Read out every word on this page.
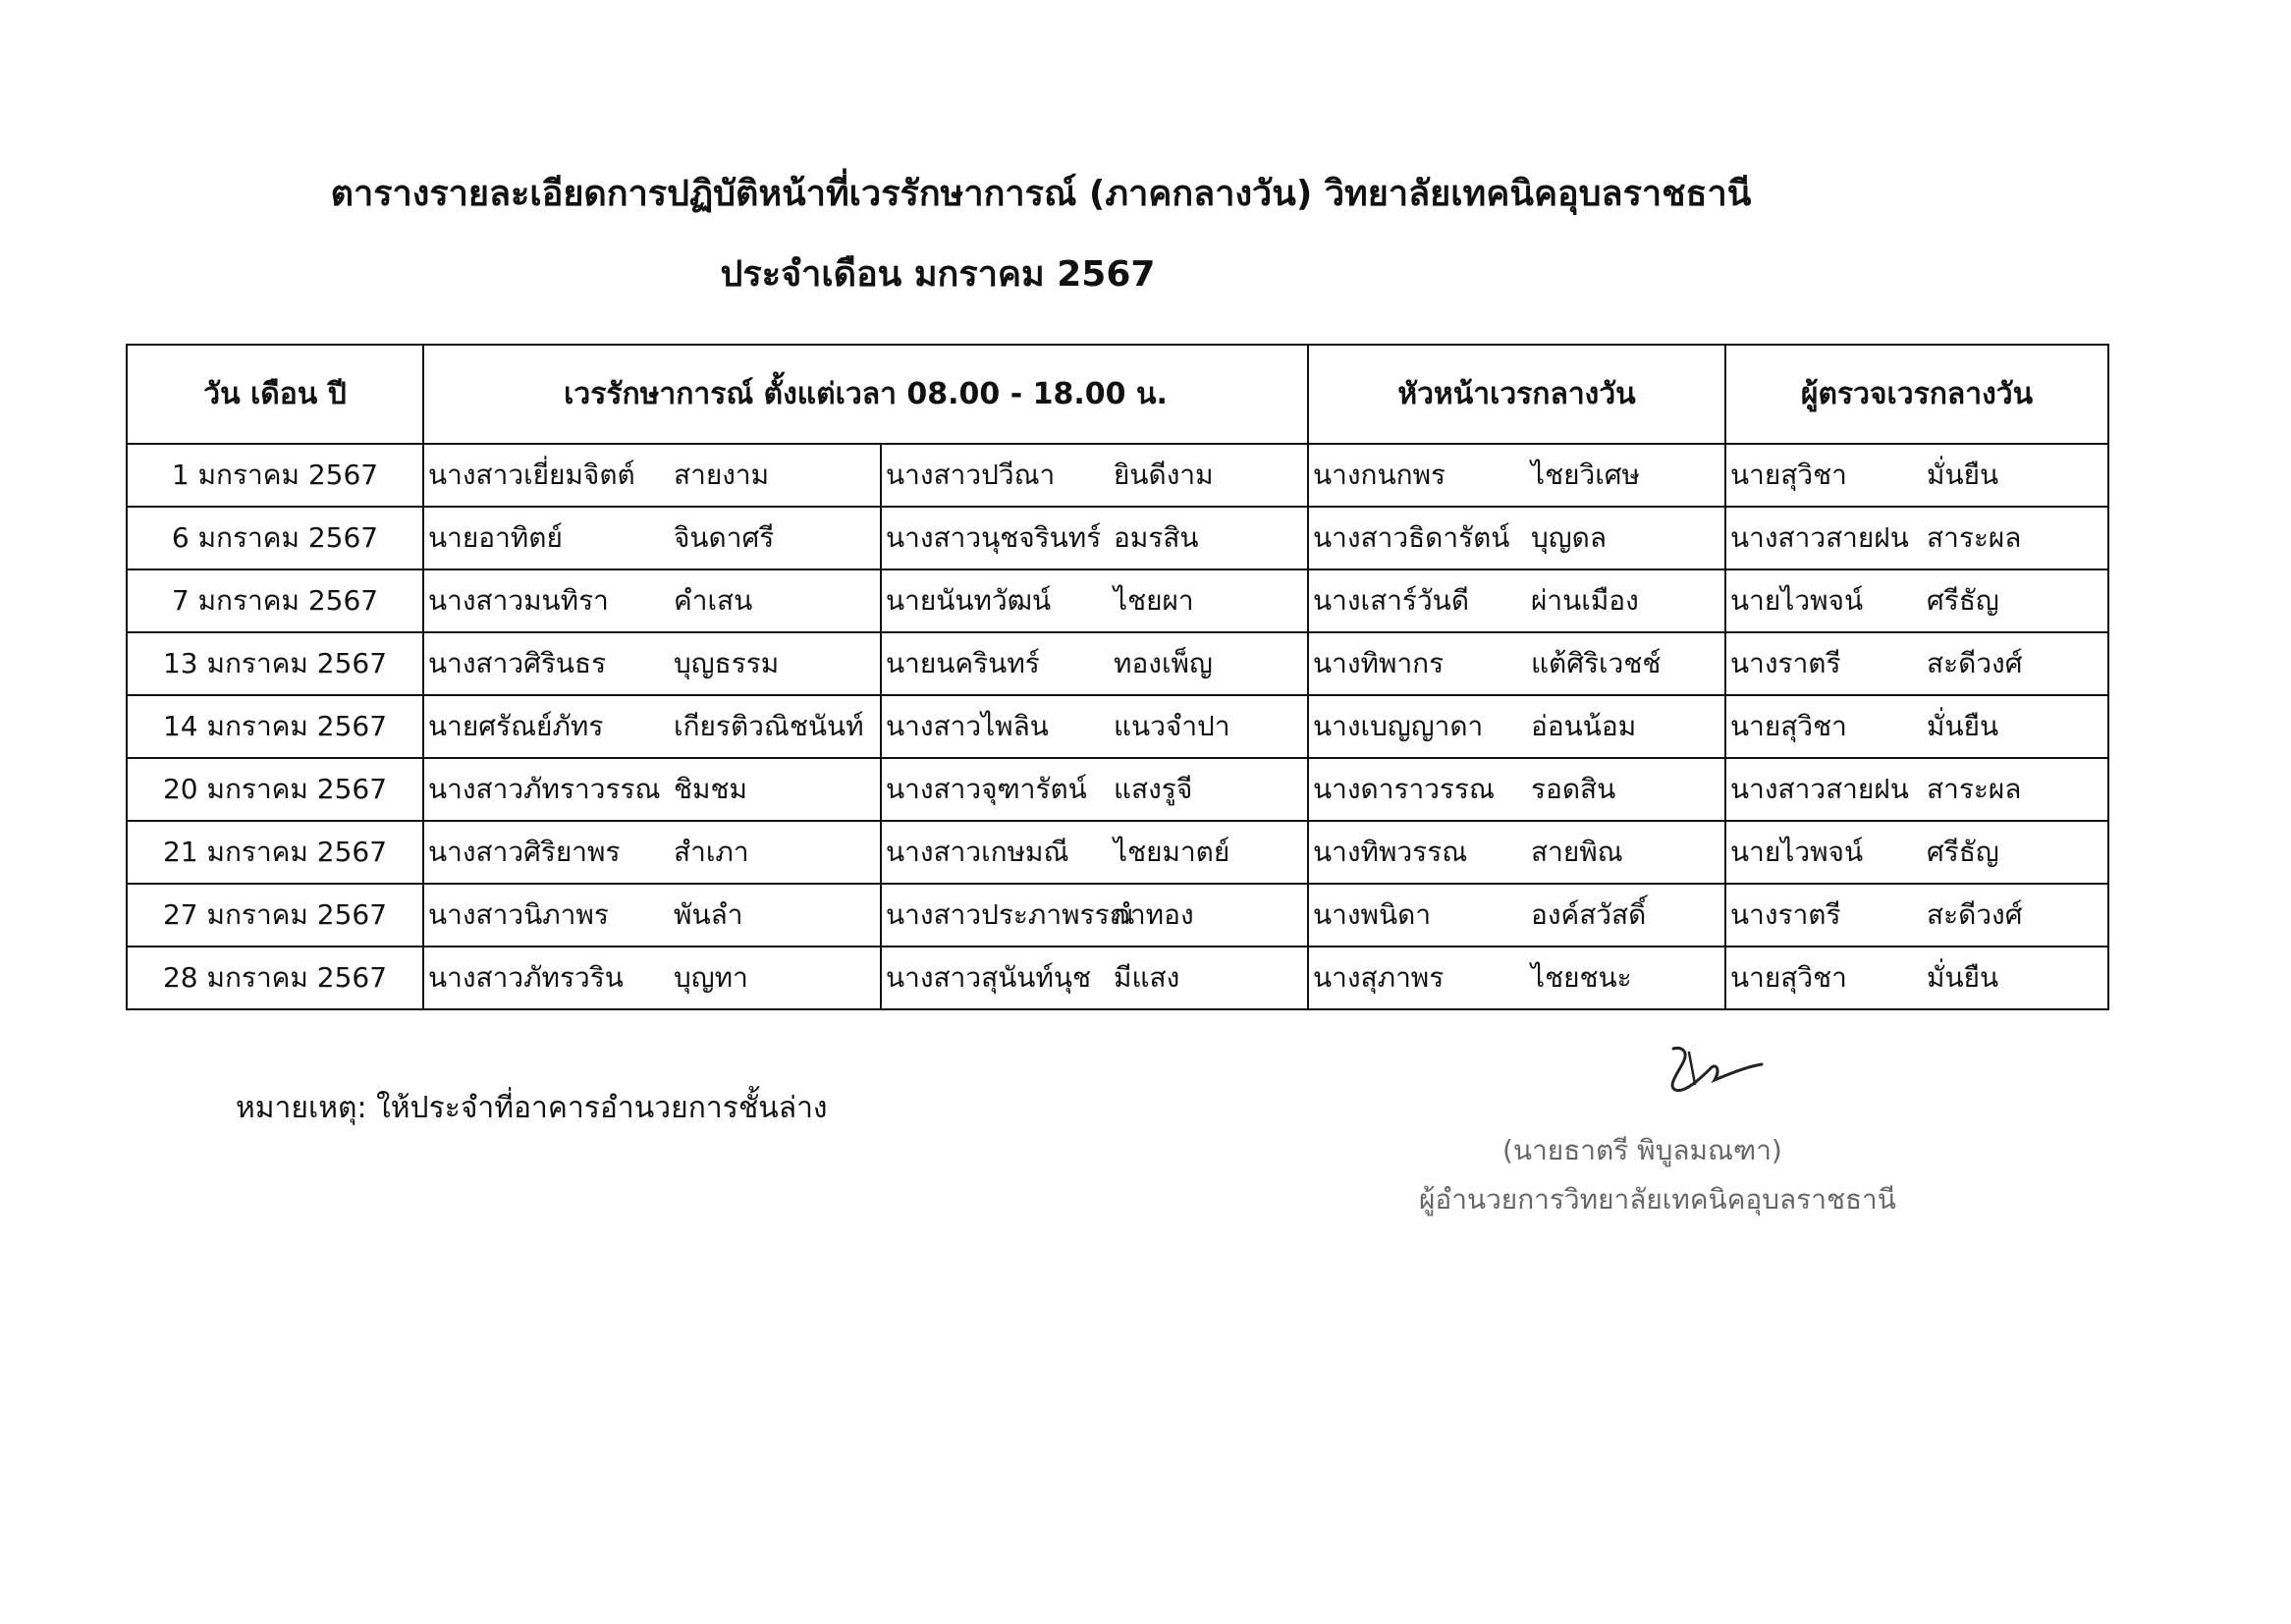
ตารางรายละเอียดการปฏิบัติหน้าที่เวรรักษาการณ์ (ภาคกลางวัน) วิทยาลัยเทคนิคอุบลราชธานี
ประจำเดือน มกราคม 2567
วัน เดือน ปี	เวรรักษาการณ์ ตั้งแต่เวลา 08.00 - 18.00 น.		หัวหน้าเวรกลางวัน	ผู้ตรวจเวรกลางวัน
1 มกราคม 2567	นางสาวเยี่ยมจิตต์ สายงาม	นางสาวปวีณา ยินดีงาม	นางกนกพร ไชยวิเศษ	นายสุวิชา มั่นยืน

6 มกราคม 2567	นายอาทิตย์ จินดาศรี	นางสาวนุชจรินทร์ อมรสิน	นางสาวธิดารัตน์ บุญดล	นางสาวสายฝน สาระผล

7 มกราคม 2567	นางสาวมนทิรา คำเสน	นายนันทวัฒน์ ไชยผา	นางเสาร์วันดี ผ่านเมือง	นายไวพจน์ ศรีธัญ

13 มกราคม 2567	นางสาวศิรินธร บุญธรรม	นายนครินทร์ ทองเพ็ญ	นางทิพากร แต้ศิริเวชช์	นางราตรี สะดีวงศ์

14 มกราคม 2567	นายศรัณย์ภัทร เกียรติวณิชนันท์	นางสาวไพลิน แนวจำปา	นางเบญญาดา อ่อนน้อม	นายสุวิชา มั่นยืน

20 มกราคม 2567	นางสาวภัทราวรรณ ชิมชม	นางสาวจุฑารัตน์ แสงรูจี	นางดาราวรรณ รอดสิน	นางสาวสายฝน สาระผล

21 มกราคม 2567	นางสาวศิริยาพร สำเภา	นางสาวเกษมณี ไชยมาตย์	นางทิพวรรณ สายพิณ	นายไวพจน์ ศรีธัญ

27 มกราคม 2567	นางสาวนิภาพร พันลำ	นางสาวประภาพรรณ
กำทอง	นางพนิดา องค์สวัสดิ์	นางราตรี สะดีวงศ์

28 มกราคม 2567	นางสาวภัทรวริน บุญทา	นางสาวสุนันท์นุช มีแสง	นางสุภาพร ไชยชนะ	นายสุวิชา มั่นยืน

หมายเหตุ: ให้ประจำที่อาคารอำนวยการชั้นล่าง

(นายธาตรี พิบูลมณฑา)
ผู้อำนวยการวิทยาลัยเทคนิคอุบลราชธานี
